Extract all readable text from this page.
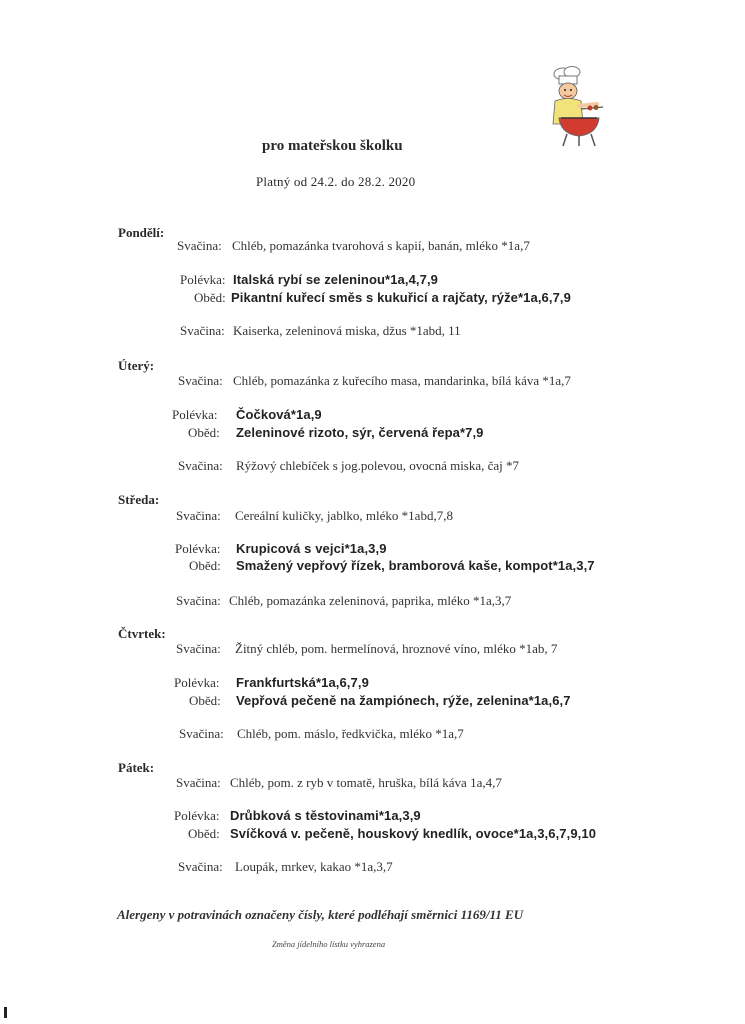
pro mateřskou školku
Platný od 24.2. do 28.2. 2020
Pondělí:
Svačina: Chléb, pomazánka tvarohová s kapií, banán, mléko *1a,7
Polévka: Italská rybí se zeleninou*1a,4,7,9
Oběd: Pikantní kuřecí směs s kukuřicí a rajčaty, rýže*1a,6,7,9
Svačina: Kaiserka, zeleninová miska, džus *1abd, 11
Úterý:
Svačina: Chléb, pomazánka z kuřecího masa, mandarinka, bílá káva *1a,7
Polévka: Čočková*1a,9
Oběd: Zeleninové rizoto, sýr, červená řepa*7,9
Svačina: Rýžový chlebíček s jog.polevou, ovocná miska, čaj *7
Středa:
Svačina: Cereální kuličky, jablko, mléko *1abd,7,8
Polévka: Krupicová s vejci*1a,3,9
Oběd: Smažený vepřový řízek, bramborová kaše, kompot*1a,3,7
Svačina: Chléb, pomazánka zeleninová, paprika, mléko *1a,3,7
Čtvrtek:
Svačina: Žitný chléb, pom. hermelínová, hroznové víno, mléko *1ab, 7
Polévka: Frankfurtská*1a,6,7,9
Oběd: Vepřová pečeně na žampiónech, rýže, zelenina*1a,6,7
Svačina: Chléb, pom. máslo, ředkvička, mléko *1a,7
Pátek:
Svačina: Chléb, pom. z ryb v tomatě, hruška, bílá káva 1a,4,7
Polévka: Drůbková s těstovinami*1a,3,9
Oběd: Svíčková v. pečeně, houskový knedlík, ovoce*1a,3,6,7,9,10
Svačina: Loupák, mrkev, kakao *1a,3,7
Alergeny v potravinách označeny čísly, které podléhají směrnici 1169/11 EU
Změna jídelního lístku vyhrazena
